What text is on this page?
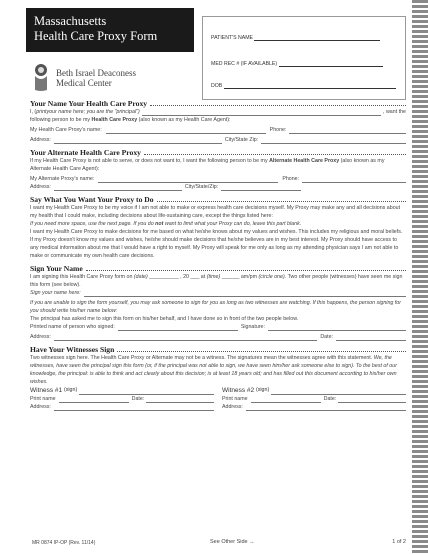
Massachusetts
Health Care Proxy Form
Beth Israel Deaconess
Medical Center
PATIENT'S NAME
MED REC # (IF AVAILABLE)
DOB
Your Name Your Health Care Proxy
I, ( print your name here; you are the "principal")	, want the

following person to be my Health Care Proxy (also known as my Health Care Agent):

My Health Care Proxy's name:	Phone:
Address:	City/State Zip:
Your Alternate Health Care Proxy

If my Health Care Proxy is not able to serve, or does not want to, I want the following person to be my Alternate Health Care Proxy (also known as my Alternate Health Care Agent):

My Alternate Proxy's name:	Phone:
Address:	City/State/Zip:
Say What You Want Your Proxy to Do

I want my Health Care Proxy to be my voice if I am not able to make or express health care decisions myself. My Proxy may make any and all decisions about my health that I could make, including decisions about life-sustaining care, except the things listed here:

If you need more space, use the next page. If you do not want to limit what your Proxy can do, leave this part blank.

I want my Health Care Proxy to make decisions for me based on what he/she knows about my values and wishes. This includes my religious and moral beliefs. If my Proxy doesn't know my values and wishes, he/she should make decisions that he/she believes are in my best interest. My Proxy should have access to any medical information about me that I would have a right to myself. My Proxy will speak for me only as long as my attending physician says I am not able to make or communicate my own health care decisions.

Sign Your Name

I am signing this Health Care Proxy form on (date) __________ , 20 ___ at (time) ______ am/pm (circle one). Two other people (witnesses) have seen me sign this form (see below).

Sign your name here:

If you are unable to sign the form yourself, you may ask someone to sign for you as long as two witnesses are watching. If this happens, the person signing for you should write his/her name below:

The principal has asked me to sign this form on his/her behalf, and I have done so in front of the two people below.

Printed name of person who signed:	Signature:
Address:	Date:
Have Your Witnesses Sign

Two witnesses sign here. The Health Care Proxy or Alternate may not be a witness. The signatures mean the witnesses agree with this statement. We, the witnesses, have seen the principal sign this form (or, if the principal was not able to sign, we have seen him/her ask someone else to sign). To the best of our knowledge, the principal: is able to think and act clearly about this decision; is at least 18 years old; and has filled out this document according to his/her own wishes.

Witness #1
(sign)
Print name	Date:
Address:
Witness #2
(sign)
Print name	Date:
Address:
MR 0874 IP-OP (Rev. 11/14)	See Other Side →	1 of 2
